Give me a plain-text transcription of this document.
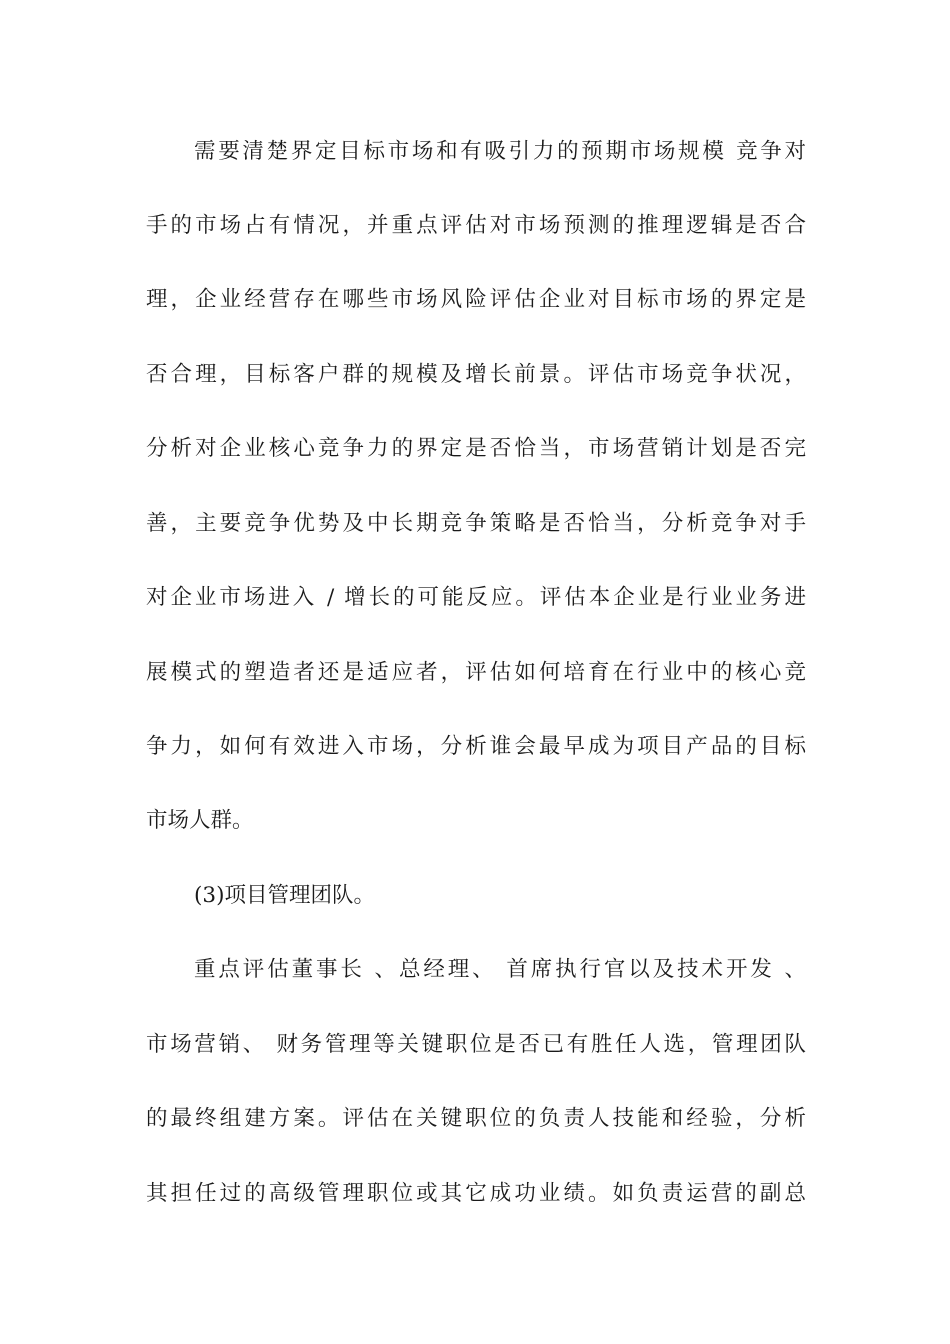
需要清楚界定目标市场和有吸引力的预期市场规模 竞争对
手的市场占有情况，并重点评估对市场预测的推理逻辑是否合
理，企业经营存在哪些市场风险评估企业对目标市场的界定是
否合理，目标客户群的规模及增长前景。评估市场竞争状况，
分析对企业核心竞争力的界定是否恰当，市场营销计划是否完
善，主要竞争优势及中长期竞争策略是否恰当，分析竞争对手
对企业市场进入 / 增长的可能反应。评估本企业是行业业务进
展模式的塑造者还是适应者，评估如何培育在行业中的核心竞
争力，如何有效进入市场，分析谁会最早成为项目产品的目标
市场人群。
(3)项目管理团队。
重点评估董事长 、总经理、 首席执行官以及技术开发 、
市场营销、 财务管理等关键职位是否已有胜任人选，管理团队
的最终组建方案。评估在关键职位的负责人技能和经验，分析
其担任过的高级管理职位或其它成功业绩。如负责运营的副总
